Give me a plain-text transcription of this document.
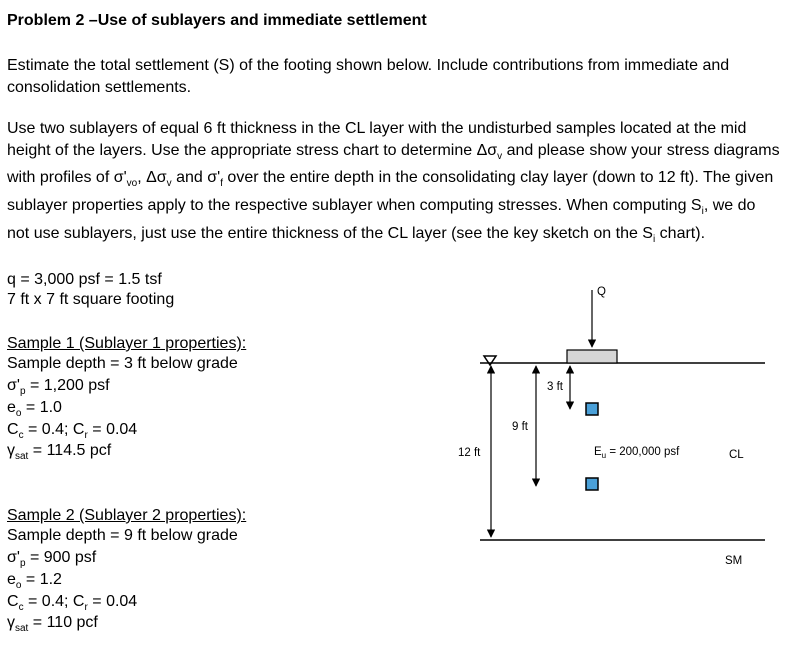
Problem 2 –Use of sublayers and immediate settlement
Estimate the total settlement (S) of the footing shown below. Include contributions from immediate and consolidation settlements.
Use two sublayers of equal 6 ft thickness in the CL layer with the undisturbed samples located at the mid height of the layers. Use the appropriate stress chart to determine $\Delta\sigma_v$ and please show your stress diagrams with profiles of $\sigma'_{vo}$, $\Delta\sigma_v$ and $\sigma'_f$ over the entire depth in the consolidating clay layer (down to 12 ft). The given sublayer properties apply to the respective sublayer when computing stresses. When computing $S_i$, we do not use sublayers, just use the entire thickness of the CL layer (see the key sketch on the $S_i$ chart).
q = 3,000 psf = 1.5 tsf
7 ft x 7 ft square footing
Sample 1 (Sublayer 1 properties):
Sample depth = 3 ft below grade
$\sigma'_p = 1,200$ psf
$e_o = 1.0$
$C_c = 0.4$; $C_r = 0.04$
$\gamma_{sat} = 114.5$ pcf
Sample 2 (Sublayer 2 properties):
Sample depth = 9 ft below grade
$\sigma'_p = 900$ psf
$e_o = 1.2$
$C_c = 0.4$; $C_r = 0.04$
$\gamma_{sat} = 110$ pcf
Q
12 ft
9 ft
3 ft
$E_u = 200,000$ psf	CL
SM
